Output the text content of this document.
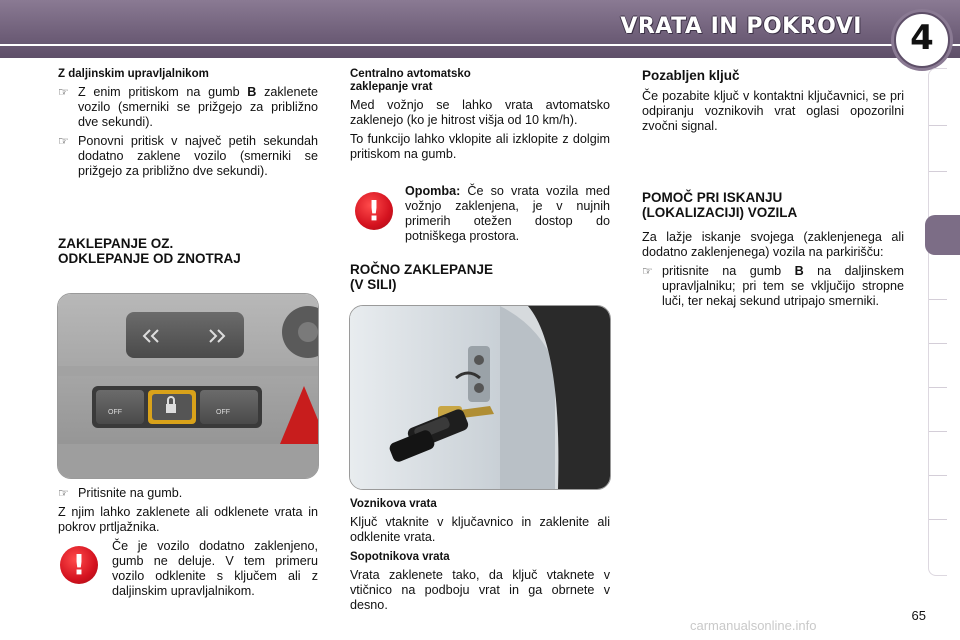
VRATA IN POKROVI	4
Z daljinskim upravljalnikom
☞ Z enim pritiskom na gumb B zaklenete vozilo (smerniki se prižgejo za približno dve sekundi).
☞ Ponovni pritisk v največ petih sekundah dodatno zaklene vozilo (smerniki se prižgejo za približno dve sekundi).
ZAKLEPANJE OZ.
ODKLEPANJE OD ZNOTRAJ
OFF	OFF
☞ Pritisnite na gumb.

Z njim lahko zaklenete ali odklenete vrata in pokrov prtljažnika.

!
Če je vozilo dodatno zaklenjeno, gumb ne deluje. V tem primeru vozilo odklenite s ključem ali z daljinskim upravljalnikom.
Centralno avtomatsko
zaklepanje vrat

Med vožnjo se lahko vrata avtomatsko zaklenejo (ko je hitrost višja od 10 km/h).

To funkcijo lahko vklopite ali izklopite z dolgim pritiskom na gumb.

!
Opomba: Če so vrata vozila med vožnjo zaklenjena, je v nujnih primerih otežen dostop do potniškega prostora.
ROČNO ZAKLEPANJE
(V SILI)
Voznikova vrata

Ključ vtaknite v ključavnico in zaklenite ali odklenite vrata.

Sopotnikova vrata

Vrata zaklenete tako, da ključ vtaknete v vtičnico na podboju vrat in ga obrnete v desno.

Pozabljen ključ

Če pozabite ključ v kontaktni ključavnici, se pri odpiranju voznikovih vrat oglasi opozorilni zvočni signal.

POMOČ PRI ISKANJU
(LOKALIZACIJI) VOZILA

Za lažje iskanje svojega (zaklenjenega ali dodatno zaklenjenega) vozila na parkirišču:

☞ pritisnite na gumb B na daljinskem upravljalniku; pri tem se vključijo stropne luči, ter nekaj sekund utripajo smerniki.
65
carmanualsonline.info
